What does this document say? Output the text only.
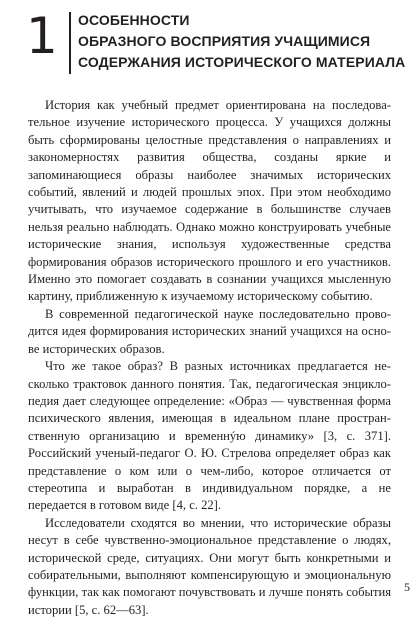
1 ОСОБЕННОСТИ
ОБРАЗНОГО ВОСПРИЯТИЯ УЧАЩИМИСЯ
СОДЕРЖАНИЯ ИСТОРИЧЕСКОГО МАТЕРИАЛА

История как учебный предмет ориентирована на последовательное изучение исторического процесса. У учащихся должны быть сформированы целостные представления о направлениях и закономерностях развития общества, созданы яркие и запоминающиеся образы наиболее значимых исторических событий, явлений и людей прошлых эпох. При этом необходимо учитывать, что изучаемое содержание в большинстве случаев нельзя реально наблюдать. Однако можно конструировать учебные исторические знания, используя художественные средства формирования образов исторического прошлого и его участников. Именно это помогает создавать в сознании учащихся мысленную картину, приближенную к изучаемому историческому событию.

В современной педагогической науке последовательно проводится идея формирования исторических знаний учащихся на основе исторических образов.

Что же такое образ? В разных источниках предлагается несколько трактовок данного понятия. Так, педагогическая энциклопедия дает следующее определение: «Образ — чувственная форма психического явления, имеющая в идеальном плане пространственную организацию и временнýю динамику» [3, с. 371]. Российский ученый-педагог О. Ю. Стрелова определяет образ как представление о ком или о чем-либо, которое отличается от стереотипа и выработан в индивидуальном порядке, а не передается в готовом виде [4, с. 22].

Исследователи сходятся во мнении, что исторические образы несут в себе чувственно-эмоциональное представление о людях, исторической среде, ситуациях. Они могут быть конкретными и собирательными, выполняют компенсирующую и эмоциональную функции, так как помогают почувствовать и лучше понять события истории [5, с. 62—63].

5
